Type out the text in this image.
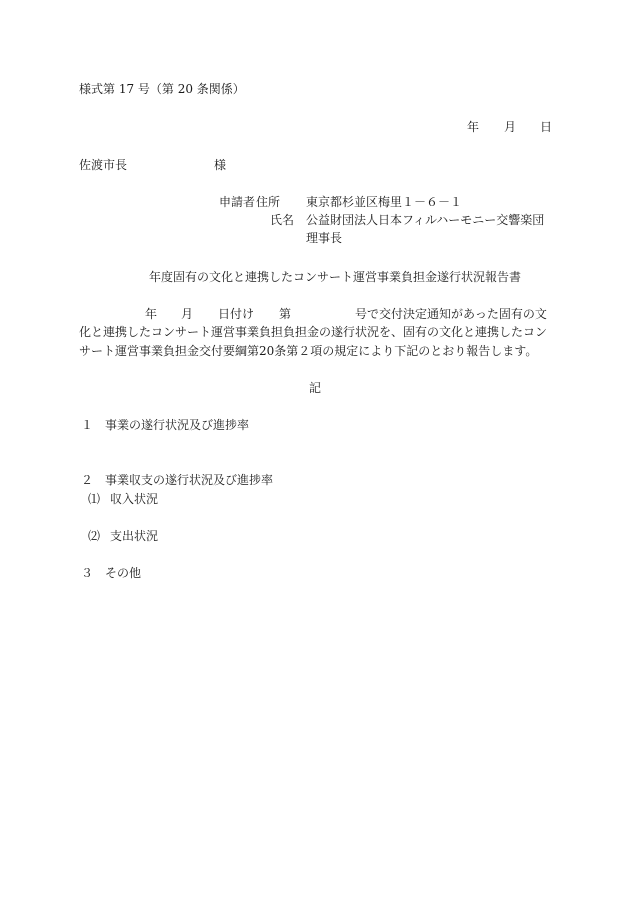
様式第 17 号（第 20 条関係）
年 月 日
佐渡市長	様
申請者 住所 東京都杉並区梅里１－６－１
氏名 公益財団法人日本フィルハーモニー交響楽団
理事長
年度固有の文化と連携したコンサート運営事業負担金遂行状況報告書
年 月 日付け 第	号で交付決定通知があった固有の文
化と連携したコンサート運営事業負担負担金の遂行状況を、固有の文化と連携したコン
サート運営事業負担金交付要綱第20条第２項の規定により下記のとおり報告します。
記
１ 事業の遂行状況及び進捗率
２ 事業収支の遂行状況及び進捗率
⑴ 収入状況
⑵ 支出状況
３ その他
